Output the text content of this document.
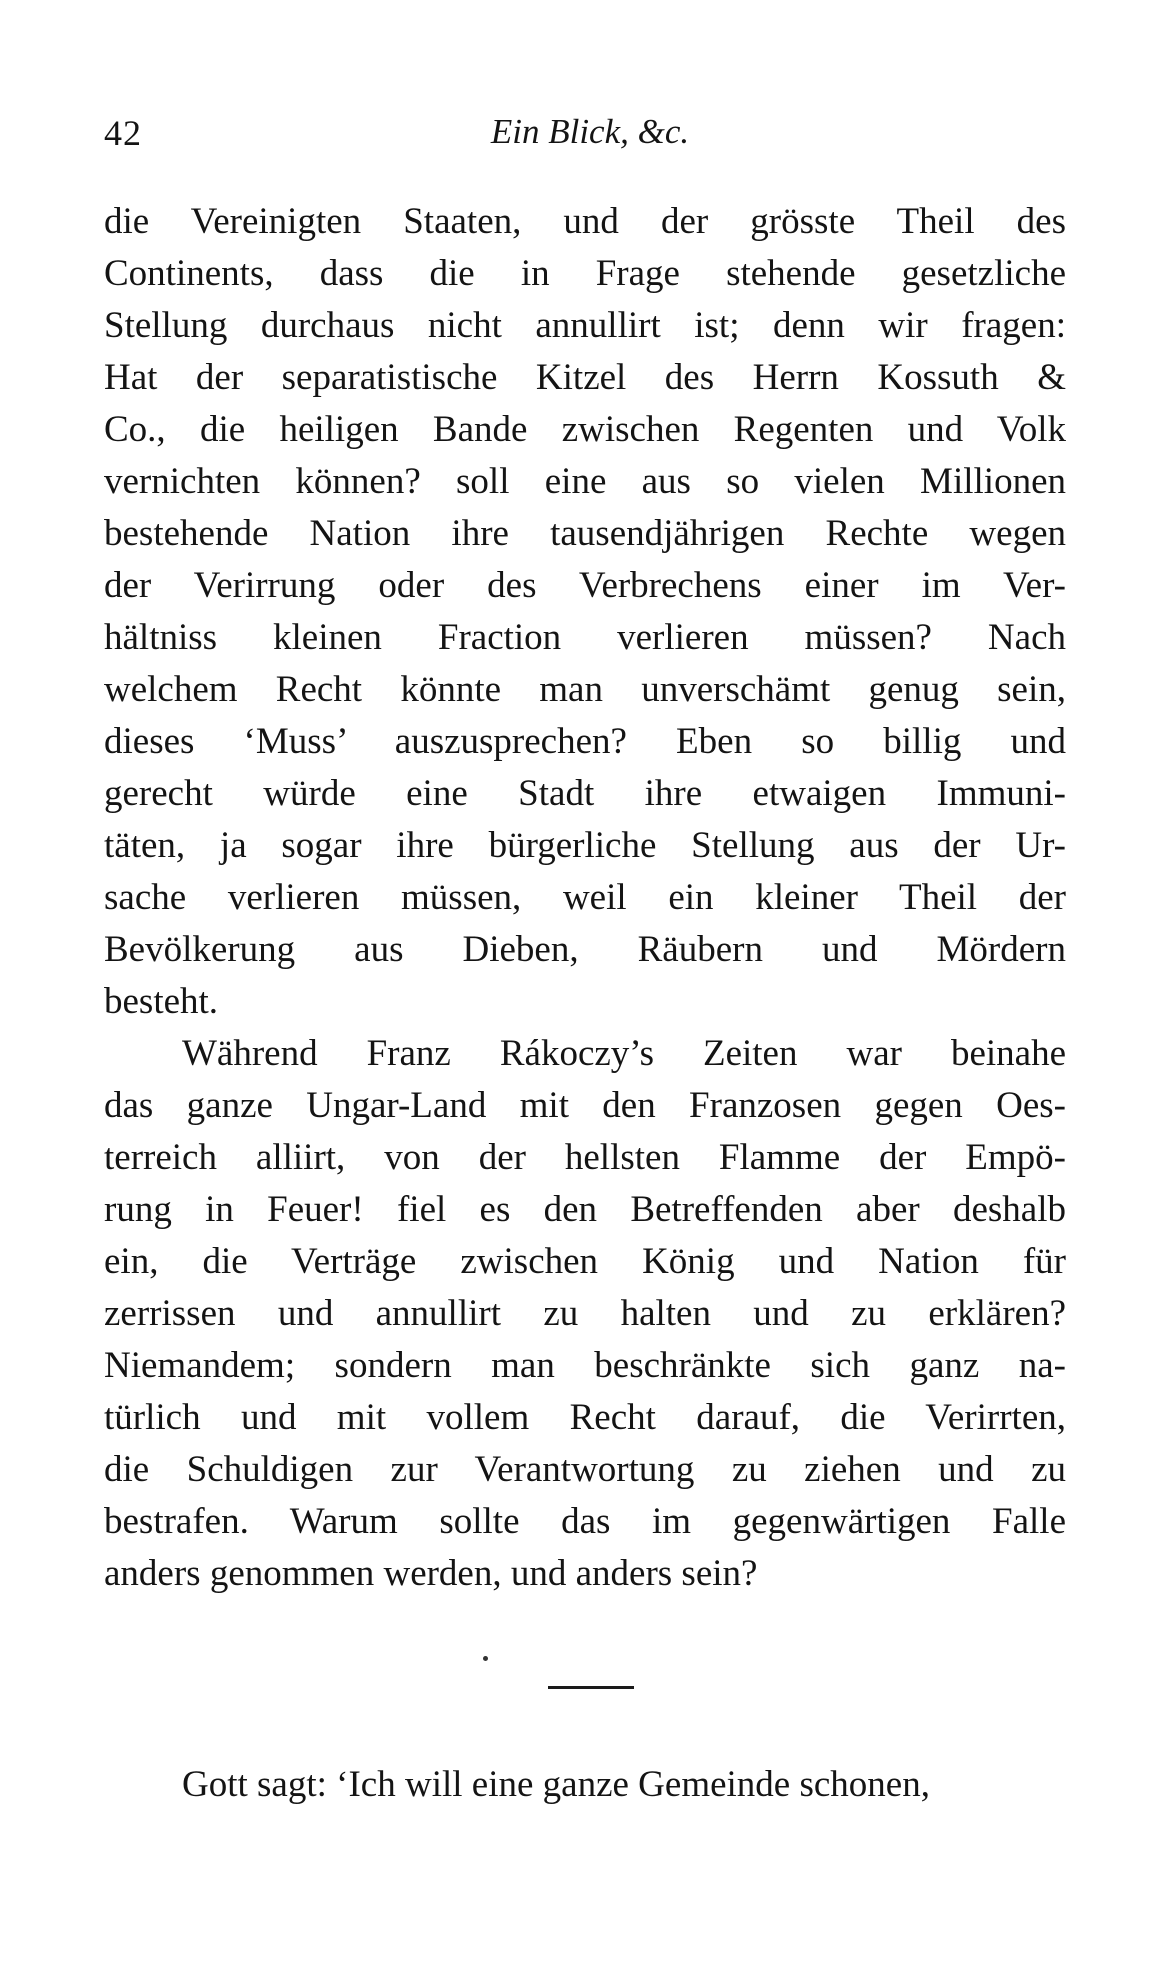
42	Ein Blick, &c.
die Vereinigten Staaten, und der grösste Theil des
Continents, dass die in Frage stehende gesetzliche
Stellung durchaus nicht annullirt ist; denn wir fragen:
Hat der separatistische Kitzel des Herrn Kossuth &
Co., die heiligen Bande zwischen Regenten und Volk
vernichten können? soll eine aus so vielen Millionen
bestehende Nation ihre tausendjährigen Rechte wegen
der Verirrung oder des Verbrechens einer im Ver-
hältniss kleinen Fraction verlieren müssen? Nach
welchem Recht könnte man unverschämt genug sein,
dieses ‘Muss’ auszusprechen? Eben so billig und
gerecht würde eine Stadt ihre etwaigen Immuni-
täten, ja sogar ihre bürgerliche Stellung aus der Ur-
sache verlieren müssen, weil ein kleiner Theil der
Bevölkerung aus Dieben, Räubern und Mördern
besteht.
Während Franz Rákoczy’s Zeiten war beinahe
das ganze Ungar-Land mit den Franzosen gegen Oes-
terreich alliirt, von der hellsten Flamme der Empö-
rung in Feuer! fiel es den Betreffenden aber deshalb
ein, die Verträge zwischen König und Nation für
zerrissen und annullirt zu halten und zu erklären?
Niemandem; sondern man beschränkte sich ganz na-
türlich und mit vollem Recht darauf, die Verirrten,
die Schuldigen zur Verantwortung zu ziehen und zu
bestrafen. Warum sollte das im gegenwärtigen Falle
anders genommen werden, und anders sein?
Gott sagt: ‘Ich will eine ganze Gemeinde schonen,
